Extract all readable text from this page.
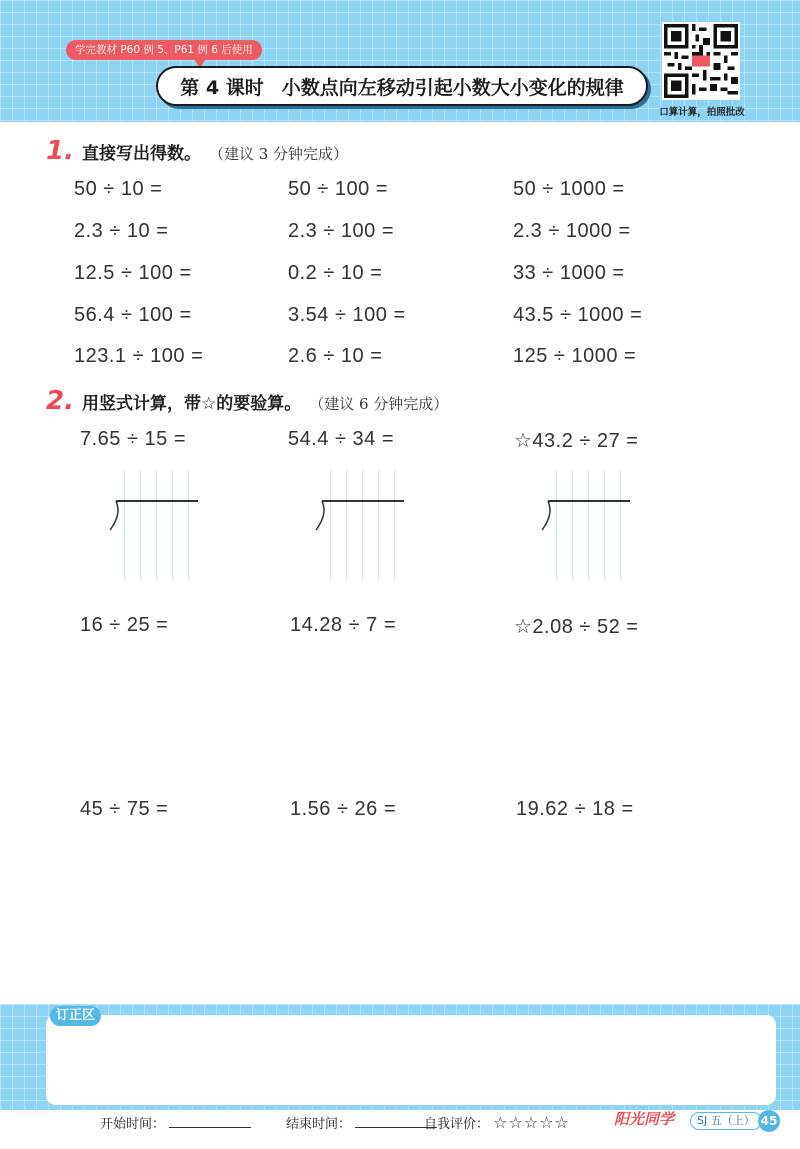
学完教材 P60 例 5、P61 例 6 后使用
第 4 课时 小数点向左移动引起小数大小变化的规律
口算计算，拍照批改
1. 直接写出得数。 （建议 3 分钟完成）
50 ÷ 10 =	50 ÷ 100 =	50 ÷ 1000 =
2.3 ÷ 10 =	2.3 ÷ 100 =	2.3 ÷ 1000 =
12.5 ÷ 100 =	0.2 ÷ 10 =	33 ÷ 1000 =
56.4 ÷ 100 =	3.54 ÷ 100 =	43.5 ÷ 1000 =
123.1 ÷ 100 =	2.6 ÷ 10 =	125 ÷ 1000 =
2. 用竖式计算，带☆的要验算。 （建议 6 分钟完成）
7.65 ÷ 15 =	54.4 ÷ 34 =	☆43.2 ÷ 27 =
16 ÷ 25 =	14.28 ÷ 7 =	☆2.08 ÷ 52 =
45 ÷ 75 =	1.56 ÷ 26 =	19.62 ÷ 18 =
订正区
开始时间：	结束时间：	自我评价： ☆☆☆☆☆	阳光同学	SJ 五（上） 45
